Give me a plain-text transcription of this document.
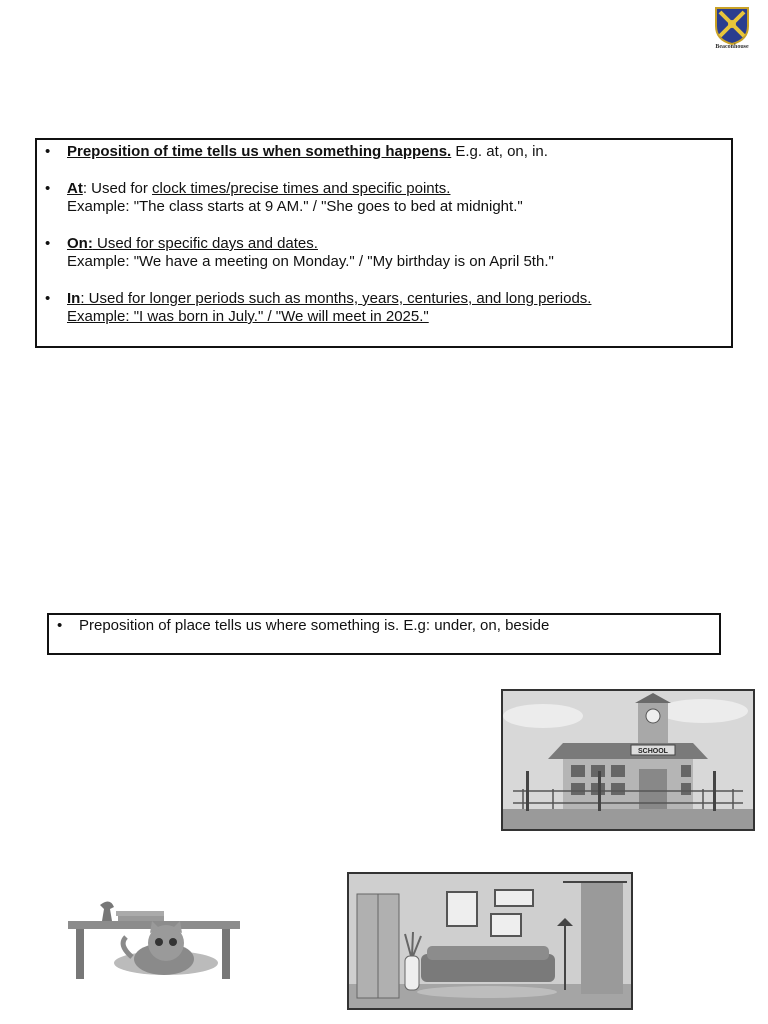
Beaconhouse
• Preposition of time tells us when something happens. E.g. at, on, in.
• At: Used for clock times/precise times and specific points.
Example: "The class starts at 9 AM." / "She goes to bed at midnight."
• On: Used for specific days and dates.
Example: "We have a meeting on Monday." / "My birthday is on April 5th."
• In: Used for longer periods such as months, years, centuries, and long periods.
Example: "I was born in July." / "We will meet in 2025."
• Preposition of place tells us where something is. E.g: under, on, beside
SCHOOL
